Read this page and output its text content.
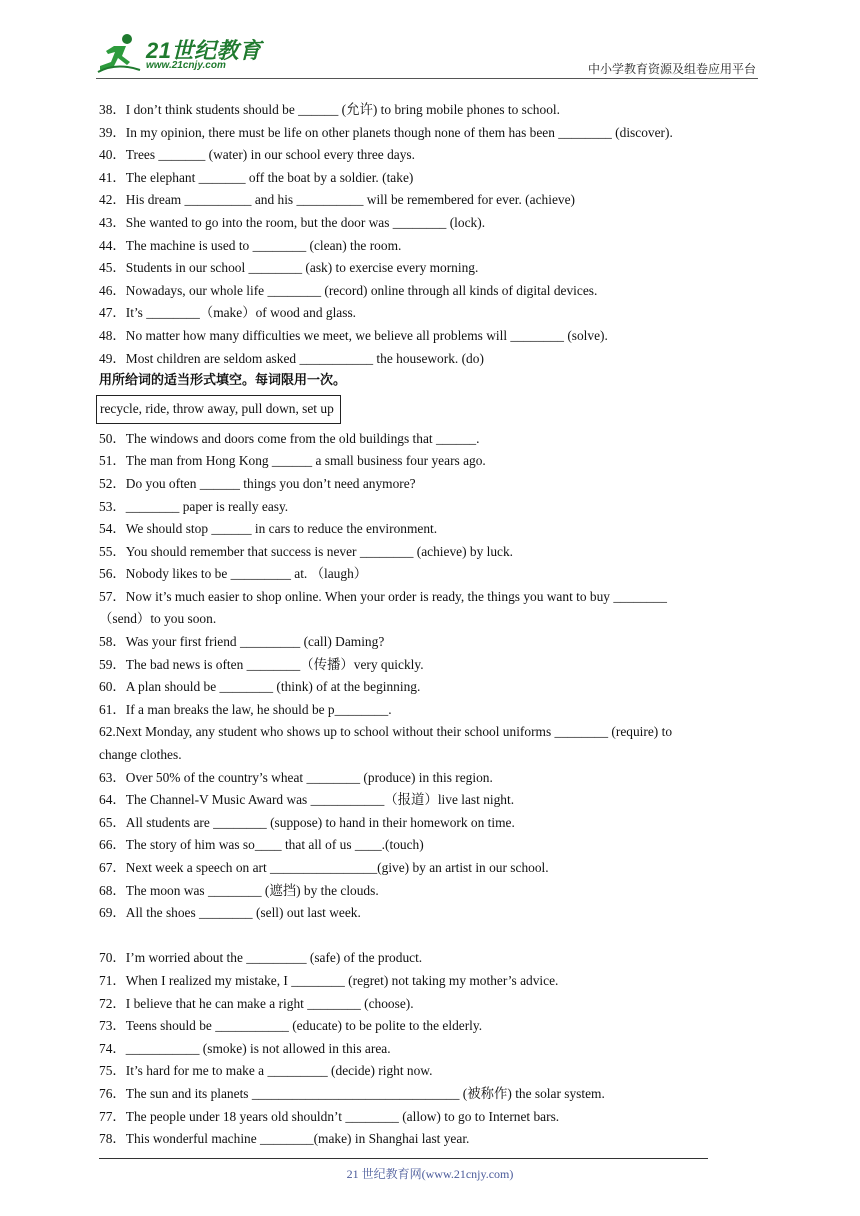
21世纪教育
www.21cnjy.com	中小学教育资源及组卷应用平台
38．I don’t think students should be ______ (允许) to bring mobile phones to school.
39．In my opinion, there must be life on other planets though none of them has been ________ (discover).
40．Trees _______ (water) in our school every three days.
41．The elephant _______ off the boat by a soldier. (take)
42．His dream __________ and his __________ will be remembered for ever. (achieve)
43．She wanted to go into the room, but the door was ________ (lock).
44．The machine is used to ________ (clean) the room.
45．Students in our school ________ (ask) to exercise every morning.
46．Nowadays, our whole life ________ (record) online through all kinds of digital devices.
47．It’s ________（make）of wood and glass.
48．No matter how many difficulties we meet, we believe all problems will ________ (solve).
49．Most children are seldom asked ___________ the housework. (do)
用所给词的适当形式填空。每词限用一次。
recycle, ride, throw away, pull down, set up
50．The windows and doors come from the old buildings that ______.
51．The man from Hong Kong ______ a small business four years ago.
52．Do you often ______ things you don’t need anymore?
53．________ paper is really easy.
54．We should stop ______ in cars to reduce the environment.
55．You should remember that success is never ________ (achieve) by luck.
56．Nobody likes to be _________ at. （laugh）
57．Now it’s much easier to shop online. When your order is ready, the things you want to buy ________
（send）to you soon.
58．Was your first friend _________ (call) Daming?
59．The bad news is often ________（传播）very quickly.
60．A plan should be ________ (think) of at the beginning.
61．If a man breaks the law, he should be p________.
62.Next Monday, any student who shows up to school without their school uniforms ________ (require) to
change clothes.
63．Over 50% of the country’s wheat ________ (produce) in this region.
64．The Channel-V Music Award was ___________（报道）live last night.
65．All students are ________ (suppose) to hand in their homework on time.
66．The story of him was so____ that all of us ____.(touch)
67．Next week a speech on art ________________(give) by an artist in our school.
68．The moon was ________ (遮挡) by the clouds.
69．All the shoes ________ (sell) out last week.
70．I’m worried about the _________ (safe) of the product.
71．When I realized my mistake, I ________ (regret) not taking my mother’s advice.
72．I believe that he can make a right ________ (choose).
73．Teens should be ___________ (educate) to be polite to the elderly.
74．___________ (smoke) is not allowed in this area.
75．It’s hard for me to make a _________ (decide) right now.
76．The sun and its planets _______________________________ (被称作) the solar system.
77．The people under 18 years old shouldn’t ________ (allow) to go to Internet bars.
78．This wonderful machine ________(make) in Shanghai last year.
21 世纪教育网(www.21cnjy.com)
